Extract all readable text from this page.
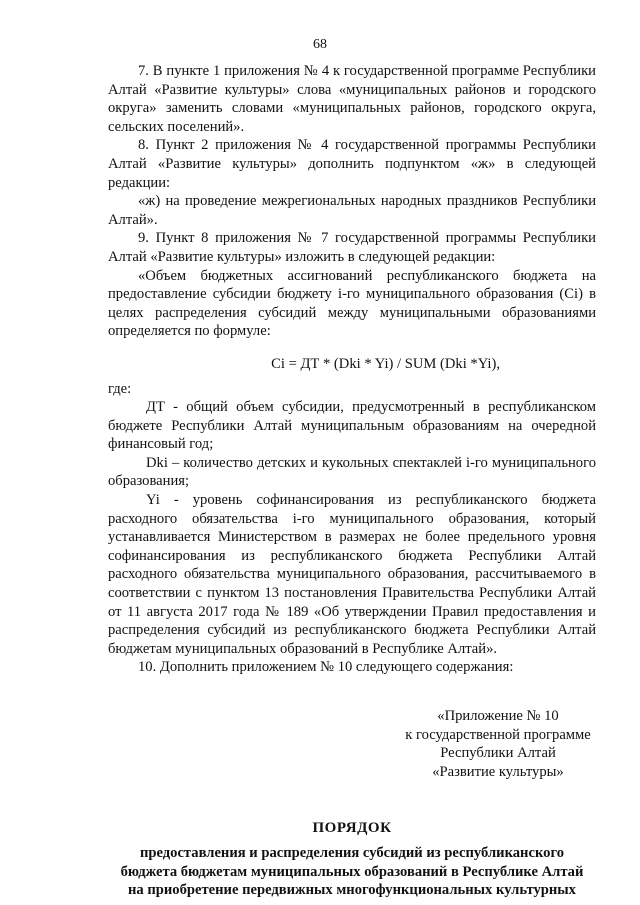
68

7. В пункте 1 приложения № 4 к государственной программе Республики Алтай «Развитие культуры» слова «муниципальных районов и городского округа» заменить словами «муниципальных районов, городского округа, сельских поселений».

8. Пункт 2 приложения № 4 государственной программы Республики Алтай «Развитие культуры» дополнить подпунктом «ж» в следующей редакции:

«ж) на проведение межрегиональных народных праздников Республики Алтай».

9. Пункт 8 приложения № 7 государственной программы Республики Алтай «Развитие культуры» изложить в следующей редакции:

«Объем бюджетных ассигнований республиканского бюджета на предоставление субсидии бюджету i-го муниципального образования (Ci) в целях распределения субсидий между муниципальными образованиями определяется по формуле:

Ci = ДТ * (Dki * Yi) / SUM (Dki *Yi),

где:

ДТ - общий объем субсидии, предусмотренный в республиканском бюджете Республики Алтай муниципальным образованиям на очередной финансовый год;

Dki – количество детских и кукольных спектаклей i-го муниципального образования;

Yi - уровень софинансирования из республиканского бюджета расходного обязательства i-го муниципального образования, который устанавливается Министерством в размерах не более предельного уровня софинансирования из республиканского бюджета Республики Алтай расходного обязательства муниципального образования, рассчитываемого в соответствии с пунктом 13 постановления Правительства Республики Алтай от 11 августа 2017 года № 189 «Об утверждении Правил предоставления и распределения субсидий из республиканского бюджета Республики Алтай бюджетам муниципальных образований в Республике Алтай».

10. Дополнить приложением № 10 следующего содержания:

«Приложение № 10
к государственной программе
Республики Алтай
«Развитие культуры»
ПОРЯДОК
предоставления и распределения субсидий из республиканского
бюджета бюджетам муниципальных образований в Республике Алтай
на приобретение передвижных многофункциональных культурных
